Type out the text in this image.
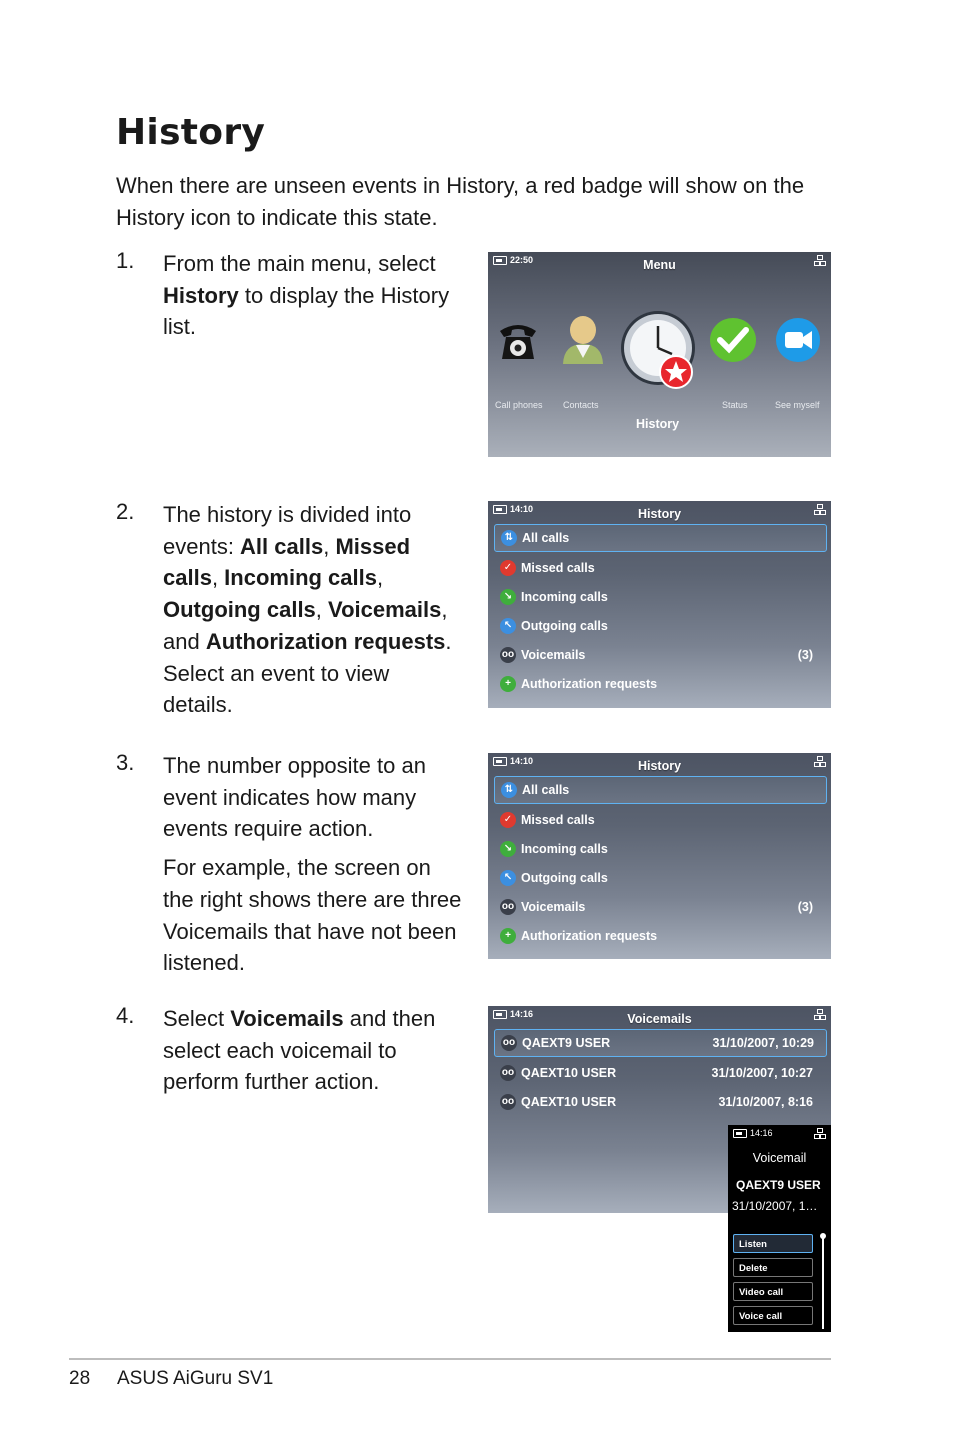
History

When there are unseen events in History, a red badge will show on the History icon to indicate this state.

1. From the main menu, select History to display the History list.

2. The history is divided into events: All calls, Missed calls, Incoming calls, Outgoing calls, Voicemails, and Authorization requests. Select an event to view details.

3. The number opposite to an event indicates how many events require action.

For example, the screen on the right shows there are three Voicemails that have not been listened.

4. Select Voicemails and then select each voicemail to perform further action.

22:50	Menu
Call phones Contacts
History
Status	See myself
14:10	History
⇅ All calls
✓ Missed calls
↘ Incoming calls
↖ Outgoing calls
oo Voicemails	(3)
+ Authorization requests
14:10	History
⇅ All calls
✓ Missed calls
↘ Incoming calls
↖ Outgoing calls
oo Voicemails	(3)
+ Authorization requests
14:16	Voicemails
oo QAEXT9 USER	31/10/2007, 10:29
oo QAEXT10 USER	31/10/2007, 10:27
oo QAEXT10 USER	31/10/2007, 8:16
14:16
Voicemail
QAEXT9 USER
31/10/2007, 1…
Listen
Delete
Video call
Voice call
28 ASUS AiGuru SV1
